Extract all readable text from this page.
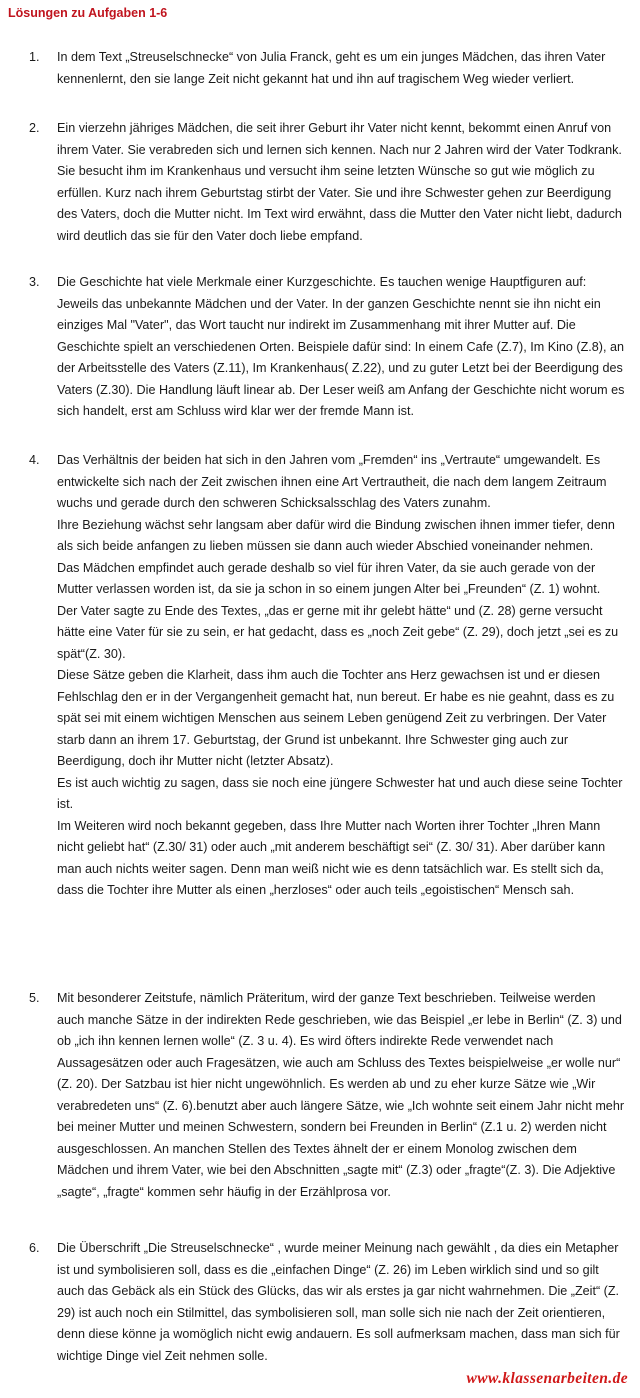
Lösungen zu Aufgaben 1-6
1.	In dem Text „Streuselschnecke“ von Julia Franck, geht es um ein junges Mädchen, das ihren Vater kennenlernt, den sie lange Zeit nicht gekannt hat und ihn auf tragischem Weg wieder verliert.

2.	Ein vierzehn jähriges Mädchen, die seit ihrer Geburt ihr Vater nicht kennt, bekommt einen Anruf von ihrem Vater. Sie verabreden sich und lernen sich kennen. Nach nur 2 Jahren wird der Vater Todkrank. Sie besucht ihm im Krankenhaus und versucht ihm seine letzten Wünsche so gut wie möglich zu erfüllen. Kurz nach ihrem Geburtstag stirbt der Vater. Sie und ihre Schwester gehen zur Beerdigung des Vaters, doch die Mutter nicht. Im Text wird erwähnt, dass die Mutter den Vater nicht liebt, dadurch wird deutlich das sie für den Vater doch liebe empfand.

3.	Die Geschichte hat viele Merkmale einer Kurzgeschichte. Es tauchen wenige Hauptfiguren auf: Jeweils das unbekannte Mädchen und der Vater. In der ganzen Geschichte nennt sie ihn nicht ein einziges Mal "Vater", das Wort taucht nur indirekt im Zusammenhang mit ihrer Mutter auf. Die Geschichte spielt an verschiedenen Orten. Beispiele dafür sind: In einem Cafe (Z.7), Im Kino (Z.8), an der Arbeitsstelle des Vaters (Z.11), Im Krankenhaus( Z.22), und zu guter Letzt bei der Beerdigung des Vaters (Z.30). Die Handlung läuft linear ab. Der Leser weiß am Anfang der Geschichte nicht worum es sich handelt, erst am Schluss wird klar wer der fremde Mann ist.

4.	Das Verhältnis der beiden hat sich in den Jahren vom „Fremden“ ins „Vertraute“ umgewandelt. Es entwickelte sich nach der Zeit zwischen ihnen eine Art Vertrautheit, die nach dem langem Zeitraum wuchs und gerade durch den schweren Schicksalsschlag des Vaters zunahm.

Ihre Beziehung wächst sehr langsam aber dafür wird die Bindung zwischen ihnen immer tiefer, denn als sich beide anfangen zu lieben müssen sie dann auch wieder Abschied voneinander nehmen.

Das Mädchen empfindet auch gerade deshalb so viel für ihren Vater, da sie auch gerade von der Mutter verlassen worden ist, da sie ja schon in so einem jungen Alter bei „Freunden“ (Z. 1) wohnt.

Der Vater sagte zu Ende des Textes, „das er gerne mit ihr gelebt hätte“ und (Z. 28) gerne versucht hätte eine Vater für sie zu sein, er hat gedacht, dass es „noch Zeit gebe“ (Z. 29), doch jetzt „sei es zu spät“(Z. 30).

Diese Sätze geben die Klarheit, dass ihm auch die Tochter ans Herz gewachsen ist und er diesen Fehlschlag den er in der Vergangenheit gemacht hat, nun bereut. Er habe es nie geahnt, dass es zu spät sei mit einem wichtigen Menschen aus seinem Leben genügend Zeit zu verbringen. Der Vater starb dann an ihrem 17. Geburtstag, der Grund ist unbekannt. Ihre Schwester ging auch zur Beerdigung, doch ihr Mutter nicht (letzter Absatz).

Es ist auch wichtig zu sagen, dass sie noch eine jüngere Schwester hat und auch diese seine Tochter ist.

Im Weiteren wird noch bekannt gegeben, dass Ihre Mutter nach Worten ihrer Tochter „Ihren Mann nicht geliebt hat“ (Z.30/ 31) oder auch „mit anderem beschäftigt sei“ (Z. 30/ 31). Aber darüber kann man auch nichts weiter sagen. Denn man weiß nicht wie es denn tatsächlich war. Es stellt sich da, dass die Tochter ihre Mutter als einen „herzloses“ oder auch teils „egoistischen“ Mensch sah.

5.	Mit besonderer Zeitstufe, nämlich Präteritum, wird der ganze Text beschrieben. Teilweise werden auch manche Sätze in der indirekten Rede geschrieben, wie das Beispiel „er lebe in Berlin“ (Z. 3) und ob „ich ihn kennen lernen wolle“ (Z. 3 u. 4). Es wird öfters indirekte Rede verwendet nach Aussagesätzen oder auch Fragesätzen, wie auch am Schluss des Textes beispielweise „er wolle nur“ (Z. 20). Der Satzbau ist hier nicht ungewöhnlich. Es werden ab und zu eher kurze Sätze wie „Wir verabredeten uns“ (Z. 6).benutzt aber auch längere Sätze, wie „Ich wohnte seit einem Jahr nicht mehr bei meiner Mutter und meinen Schwestern, sondern bei Freunden in Berlin“ (Z.1 u. 2) werden nicht ausgeschlossen. An manchen Stellen des Textes ähnelt der er einem Monolog zwischen dem Mädchen und ihrem Vater, wie bei den Abschnitten „sagte mit“ (Z.3) oder „fragte“(Z. 3). Die Adjektive „sagte“, „fragte“ kommen sehr häufig in der Erzählprosa vor.

6.	Die Überschrift „Die Streuselschnecke“ , wurde meiner Meinung nach gewählt , da dies ein Metapher ist und symbolisieren soll, dass es die „einfachen Dinge“ (Z. 26) im Leben wirklich sind und so gilt auch das Gebäck als ein Stück des Glücks, das wir als erstes ja gar nicht wahrnehmen. Die „Zeit“ (Z. 29) ist auch noch ein Stilmittel, das symbolisieren soll, man solle sich nie nach der Zeit orientieren, denn diese könne ja womöglich nicht ewig andauern. Es soll aufmerksam machen, dass man sich für wichtige Dinge viel Zeit nehmen solle.

www.klassenarbeiten.de
